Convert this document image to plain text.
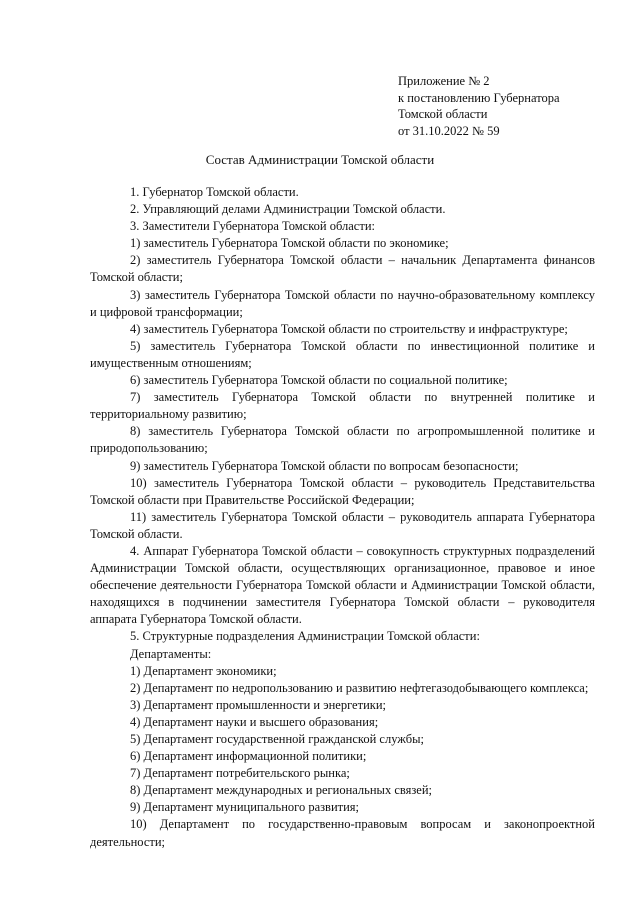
Приложение № 2
к постановлению Губернатора
Томской области
от 31.10.2022 № 59
Состав Администрации Томской области

1. Губернатор Томской области.

2. Управляющий делами Администрации Томской области.

3. Заместители Губернатора Томской области:

1) заместитель Губернатора Томской области по экономике;

2) заместитель Губернатора Томской области – начальник Департамента финансов Томской области;

3) заместитель Губернатора Томской области по научно-образовательному комплексу и цифровой трансформации;

4) заместитель Губернатора Томской области по строительству и инфраструктуре;

5) заместитель Губернатора Томской области по инвестиционной политике и имущественным отношениям;

6) заместитель Губернатора Томской области по социальной политике;

7) заместитель Губернатора Томской области по внутренней политике и территориальному развитию;

8) заместитель Губернатора Томской области по агропромышленной политике и природопользованию;

9) заместитель Губернатора Томской области по вопросам безопасности;

10) заместитель Губернатора Томской области – руководитель Представительства Томской области при Правительстве Российской Федерации;

11) заместитель Губернатора Томской области – руководитель аппарата Губернатора Томской области.

4. Аппарат Губернатора Томской области – совокупность структурных подразделений Администрации Томской области, осуществляющих организационное, правовое и иное обеспечение деятельности Губернатора Томской области и Администрации Томской области, находящихся в подчинении заместителя Губернатора Томской области – руководителя аппарата Губернатора Томской области.

5. Структурные подразделения Администрации Томской области:

Департаменты:

1) Департамент экономики;

2) Департамент по недропользованию и развитию нефтегазодобывающего комплекса;

3) Департамент промышленности и энергетики;

4) Департамент науки и высшего образования;

5) Департамент государственной гражданской службы;

6) Департамент информационной политики;

7) Департамент потребительского рынка;

8) Департамент международных и региональных связей;

9) Департамент муниципального развития;

10) Департамент по государственно-правовым вопросам и законопроектной деятельности;
